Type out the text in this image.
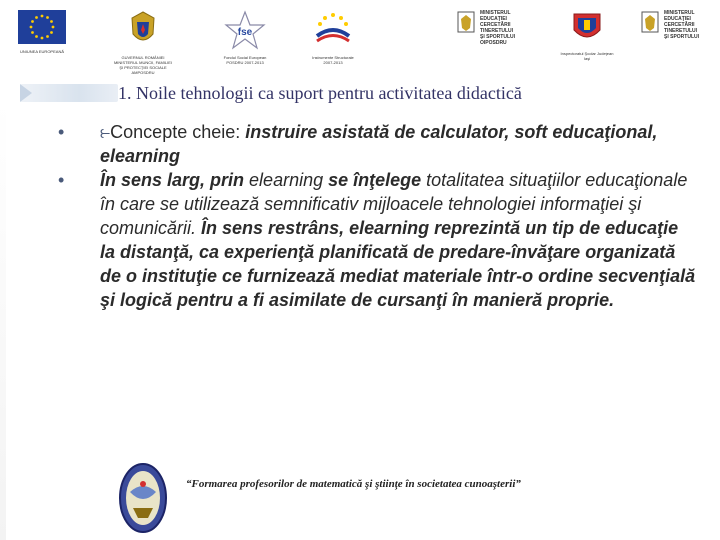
UNIUNEA EUROPEANĂ
GUVERNUL ROMÂNIEI
MINISTERUL MUNCII, FAMILIEI
ŞI PROTECŢIEI SOCIALE
AMPOSDRU
fse
Fondul Social European
POSDRU 2007-2013
Instrumente Structurale
2007-2013
MINISTERUL
EDUCAŢIEI
CERCETĂRII
TINERETULUI
ŞI SPORTULUI
OIPOSDRU
Inspectoratul Şcolar Judeţean
Iaşi
MINISTERUL
EDUCAŢIEI
CERCETĂRII
TINERETULUI
ŞI SPORTULUI
1. Noile tehnologii ca suport pentru activitatea didactică
•	⥼Concepte cheie: instruire asistată de calculator, soft educaţional, elearning
•	În sens larg, prin elearning se înţelege totalitatea situaţiilor educaţionale în care se utilizează semnificativ mijloacele tehnologiei informaţiei şi comunicării. În sens restrâns, elearning reprezintă un tip de educaţie la distanţă, ca experienţă planificată de predare-învăţare organizată de o instituţie ce furnizează mediat materiale într-o ordine secvenţială şi logică pentru a fi asimilate de cursanţi în manieră proprie.
“Formarea profesorilor de matematică şi ştiinţe în societatea cunoaşterii”
